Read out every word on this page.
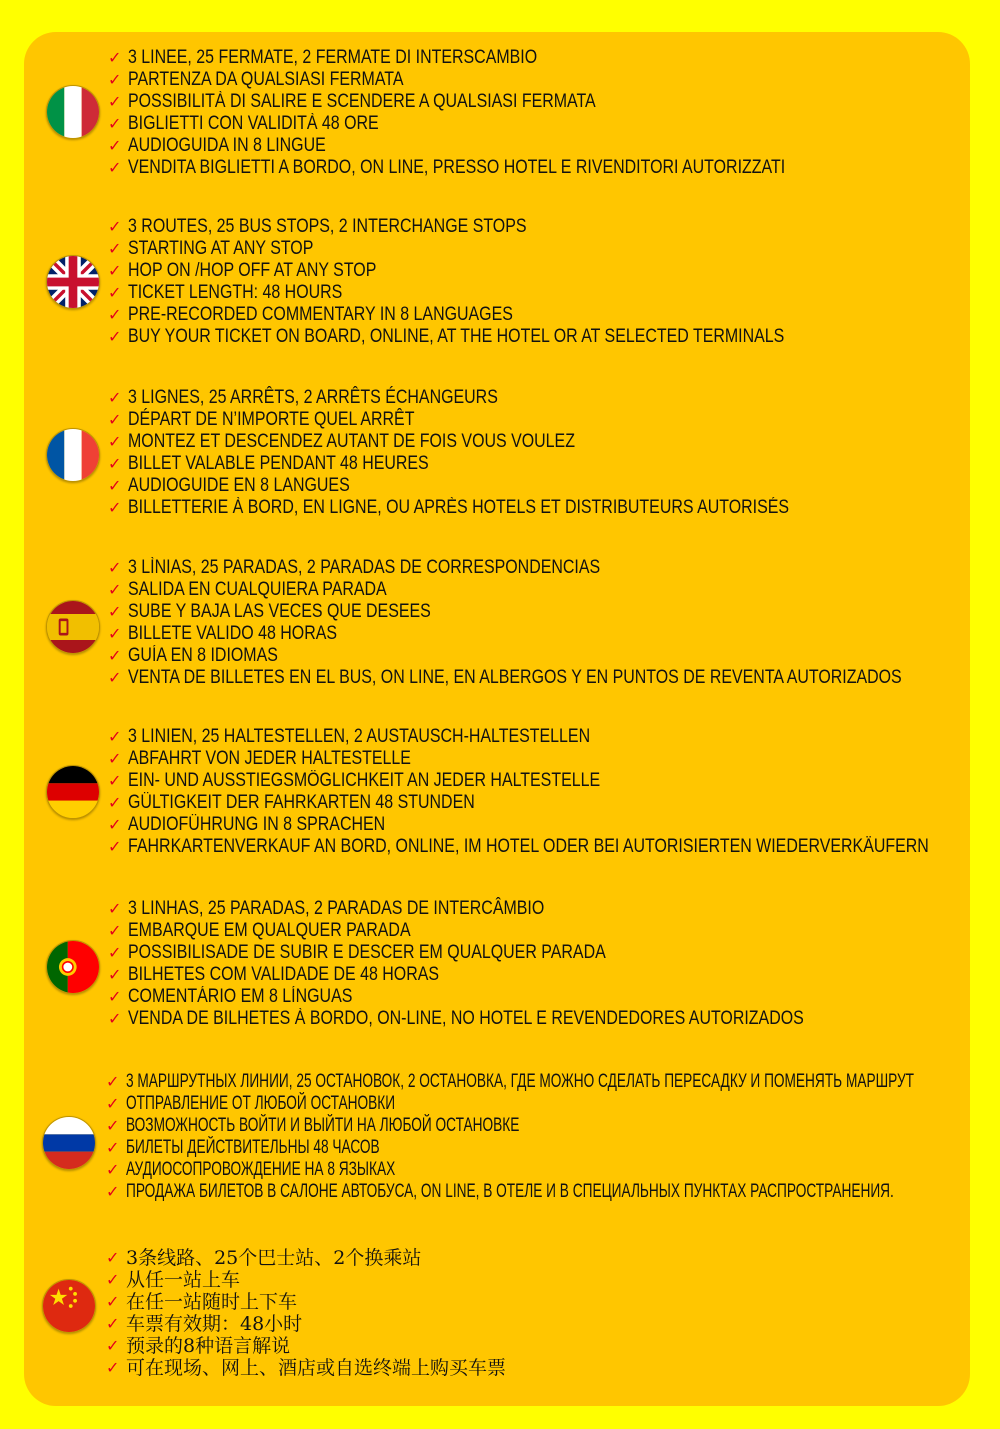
✓ 3 LINEE, 25 FERMATE, 2 FERMATE DI INTERSCAMBIO
✓ PARTENZA DA QUALSIASI FERMATA
✓ POSSIBILITÀ DI SALIRE E SCENDERE A QUALSIASI FERMATA
✓ BIGLIETTI CON VALIDITÀ 48 ORE
✓ AUDIOGUIDA IN 8 LINGUE
✓ VENDITA BIGLIETTI A BORDO, ON LINE, PRESSO HOTEL E RIVENDITORI AUTORIZZATI
✓ 3 ROUTES, 25 BUS STOPS, 2 INTERCHANGE STOPS
✓ STARTING AT ANY STOP
✓ HOP ON /HOP OFF AT ANY STOP
✓ TICKET LENGTH: 48 HOURS
✓ PRE-RECORDED COMMENTARY IN 8 LANGUAGES
✓ BUY YOUR TICKET ON BOARD, ONLINE, AT THE HOTEL OR AT SELECTED TERMINALS
✓ 3 LIGNES, 25 ARRÊTS, 2 ARRÊTS ÉCHANGEURS
✓ DÉPART DE N’IMPORTE QUEL ARRÊT
✓ MONTEZ ET DESCENDEZ AUTANT DE FOIS VOUS VOULEZ
✓ BILLET VALABLE PENDANT 48 HEURES
✓ AUDIOGUIDE EN 8 LANGUES
✓ BILLETTERIE À BORD, EN LIGNE, OU APRÈS HOTELS ET DISTRIBUTEURS AUTORISÉS
✓ 3 LÌNIAS, 25 PARADAS, 2 PARADAS DE CORRESPONDENCIAS
✓ SALIDA EN CUALQUIERA PARADA
✓ SUBE Y BAJA LAS VECES QUE DESEES
✓ BILLETE VALIDO 48 HORAS
✓ GUÍA EN 8 IDIOMAS
✓ VENTA DE BILLETES EN EL BUS, ON LINE, EN ALBERGOS Y EN PUNTOS DE REVENTA AUTORIZADOS
✓ 3 LINIEN, 25 HALTESTELLEN, 2 AUSTAUSCH-HALTESTELLEN
✓ ABFAHRT VON JEDER HALTESTELLE
✓ EIN- UND AUSSTIEGSMÖGLICHKEIT AN JEDER HALTESTELLE
✓ GÜLTIGKEIT DER FAHRKARTEN 48 STUNDEN
✓ AUDIOFÜHRUNG IN 8 SPRACHEN
✓ FAHRKARTENVERKAUF AN BORD, ONLINE, IM HOTEL ODER BEI AUTORISIERTEN WIEDERVERKÄUFERN
✓ 3 LINHAS, 25 PARADAS, 2 PARADAS DE INTERCÂMBIO
✓ EMBARQUE EM QUALQUER PARADA
✓ POSSIBILISADE DE SUBIR E DESCER EM QUALQUER PARADA
✓ BILHETES COM VALIDADE DE 48 HORAS
✓ COMENTÁRIO EM 8 LÍNGUAS
✓ VENDA DE BILHETES À BORDO, ON-LINE, NO HOTEL E REVENDEDORES AUTORIZADOS
✓ 3 МАРШРУТНЫХ ЛИНИИ, 25 ОСТАНОВОК, 2 ОСТАНОВКА, ГДЕ МОЖНО СДЕЛАТЬ ПЕРЕСАДКУ И ПОМЕНЯТЬ МАРШРУТ
✓ ОТПРАВЛЕНИЕ ОТ ЛЮБОЙ ОСТАНОВКИ
✓ ВОЗМОЖНОСТЬ ВОЙТИ И ВЫЙТИ НА ЛЮБОЙ ОСТАНОВКЕ
✓ БИЛЕТЫ ДЕЙСТВИТЕЛЬНЫ 48 ЧАСОВ
✓ АУДИОСОПРОВОЖДЕНИЕ НА 8 ЯЗЫКАХ
✓ ПРОДАЖА БИЛЕТОВ В САЛОНЕ АВТОБУСА, ON LINE, В ОТЕЛЕ И В СПЕЦИАЛЬНЫХ ПУНКТАХ РАСПРОСТРАНЕНИЯ.
✓ 3条线路、25个巴士站、2个换乘站
✓ 从任一站上车
✓ 在任一站随时上下车
✓ 车票有效期：48小时
✓ 预录的8种语言解说
✓ 可在现场、网上、酒店或自选终端上购买车票
